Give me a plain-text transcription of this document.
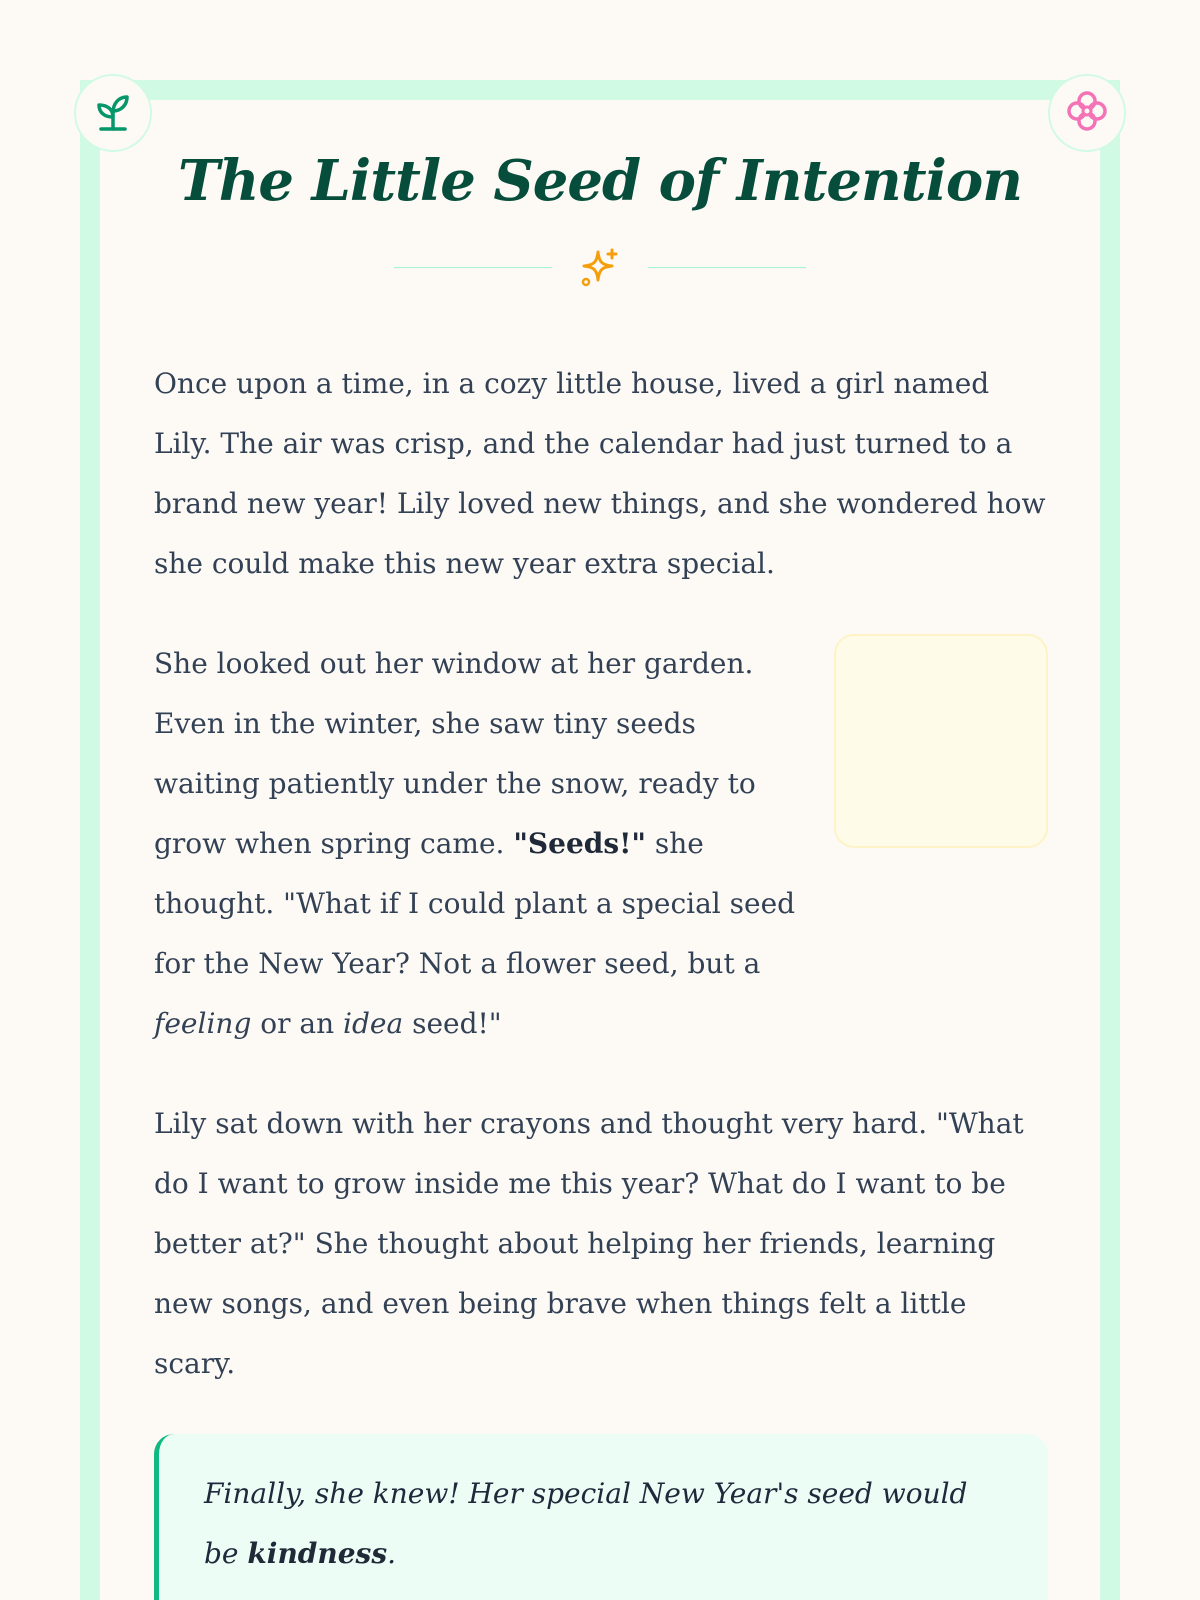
The Little Seed of Intention

Once upon a time, in a cozy little house, lived a girl named Lily. The air was crisp, and the calendar had just turned to a brand new year! Lily loved new things, and she wondered how she could make this new year extra special.

She looked out her window at her garden. Even in the winter, she saw tiny seeds waiting patiently under the snow, ready to grow when spring came. "Seeds!" she thought. "What if I could plant a special seed for the New Year? Not a flower seed, but a feeling or an idea seed!"

Lily sat down with her crayons and thought very hard. "What do I want to grow inside me this year? What do I want to be better at?" She thought about helping her friends, learning new songs, and even being brave when things felt a little scary.

Finally, she knew! Her special New Year's seed would be kindness.
